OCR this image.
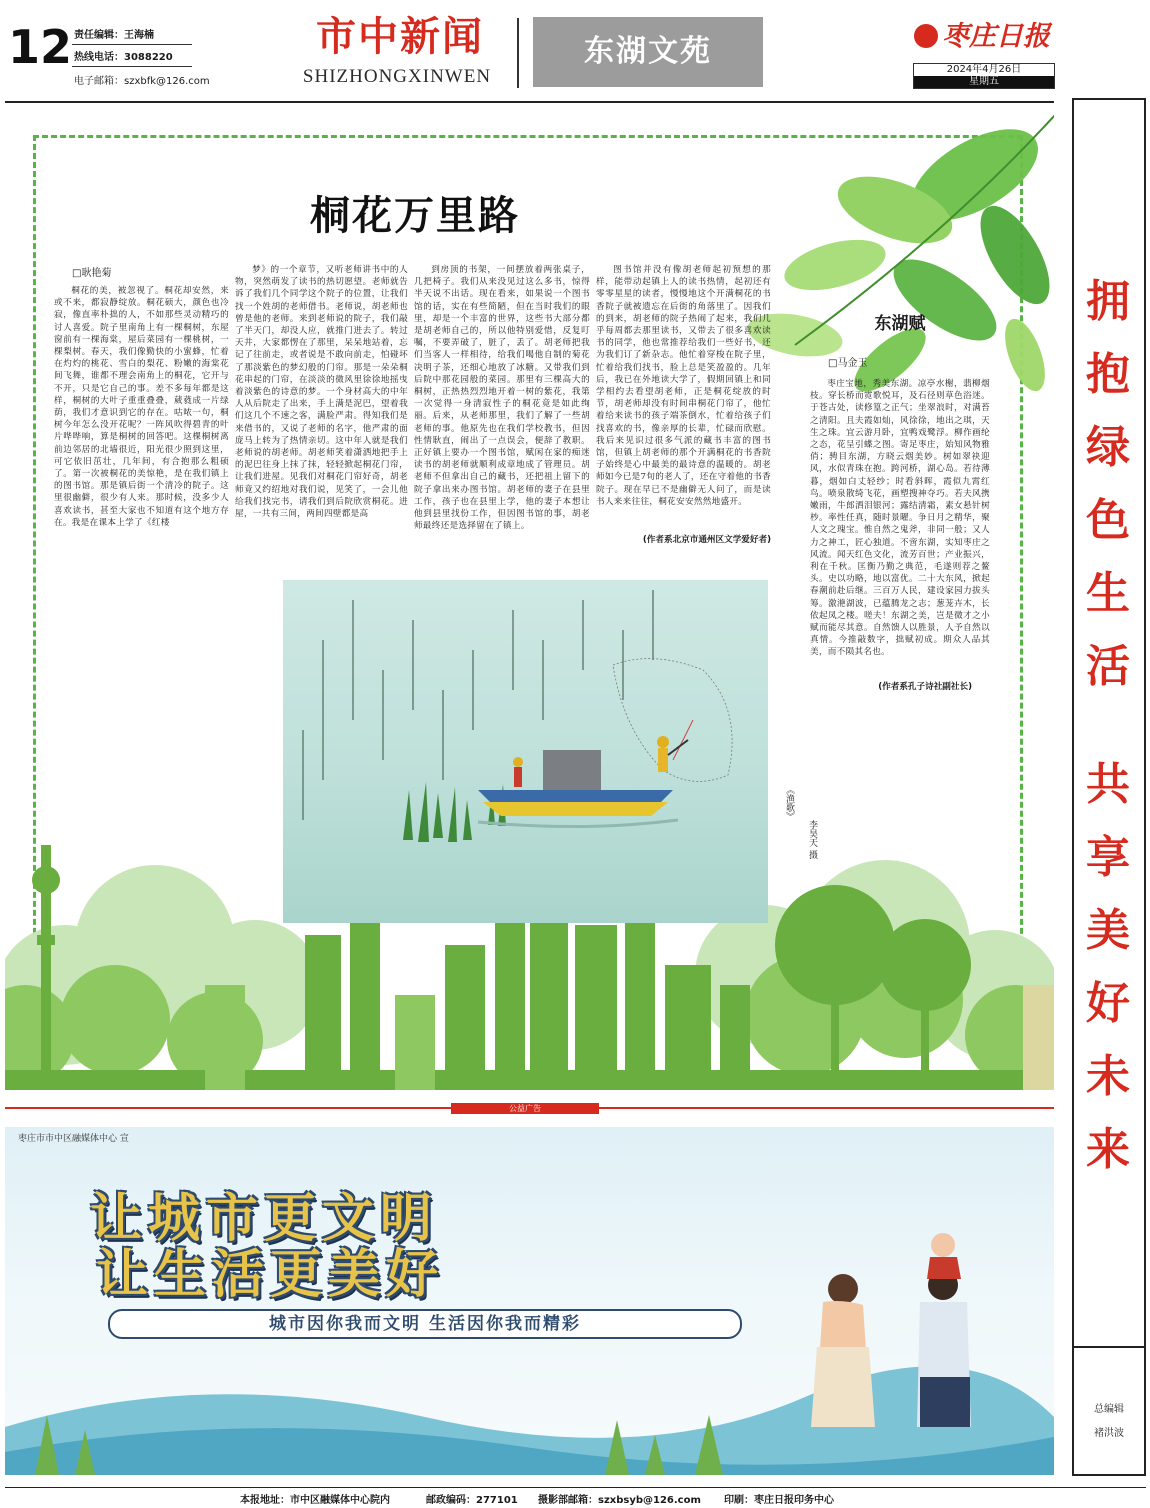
12 责任编辑：王海楠
热线电话：3088220
电子邮箱：szxbfk@126.com
市中新闻
SHIZHONGXINWEN
东湖文苑	枣庄日报
2024年4月26日
星期五
拥
抱
绿
色
生
活
共
享
美
好
未
来
总编辑
褚洪波
桐花万里路
□耿艳菊

桐花的美，被忽视了。桐花却安然，来或不来，都寂静绽放。桐花硕大，颜色也冷寂，像直率朴拙的人，不如那些灵动精巧的讨人喜爱。院子里南角上有一棵桐树，东屋窗前有一棵海棠，屋后菜园有一棵桃树，一棵梨树。春天，我们像勤快的小蜜蜂，忙着在灼灼的桃花、雪白的梨花、粉嫩的海棠花间飞舞，谁都不理会南角上的桐花，它开与不开，只是它自己的事。差不多每年都是这样，桐树的大叶子重重叠叠，葳蕤成一片绿荫，我们才意识到它的存在。咕哝一句，桐树今年怎么没开花呢？一阵风吹得碧青的叶片哗哗响，算是桐树的回答吧。这棵桐树离前边邻居的北墙很近，阳光很少照到这里，可它依旧茁壮，几年间，有合抱那么粗硕了。第一次被桐花的美惊艳，是在我们镇上的图书馆。那是镇后街一个清冷的院子。这里很幽僻，很少有人来。那时候，没多少人喜欢读书，甚至大家也不知道有这个地方存在。我是在课本上学了《红楼

梦》的一个章节，又听老师讲书中的人物，突然萌发了读书的热切愿望。老师就告诉了我们几个同学这个院子的位置，让我们找一个姓胡的老师借书。老师说，胡老师也曾是他的老师。来到老师说的院子，我们敲了半天门，却没人应，就推门进去了。转过天井，大家都愣在了那里，呆呆地站着，忘记了往前走，或者说是不敢向前走，怕碰坏了那淡紫色的梦幻般的门帘。那是一朵朵桐花串起的门帘，在淡淡的微风里徐徐地摇曳着淡紫色的诗意的梦。一个身材高大的中年人从后院走了出来，手上满是泥巴，望着我们这几个不速之客，满脸严肃。得知我们是来借书的，又说了老师的名字，他严肃的面庞马上转为了热情亲切。这中年人就是我们老师说的胡老师。胡老师笑着潇洒地把手上的泥巴往身上抹了抹，轻轻掀起桐花门帘，让我们进屋。见我们对桐花门帘好奇，胡老师竟又约绍地对我们说，见笑了，一会儿他给我们找完书，请我们到后院欣赏桐花。进屋，一共有三间，两间四壁都是高

到房顶的书架，一间摆放着两张桌子，几把椅子。我们从来没见过这么多书，惊得半天说不出话。现在看来，如果说一个图书馆的话，实在有些简陋，但在当时我们的眼里，却是一个丰富的世界，这些书大部分都是胡老师自己的，所以他特别爱惜，反复叮嘱，不要弄破了，脏了，丢了。胡老师把我们当客人一样相待，给我们喝他自制的菊花决明子茶，还细心地放了冰糖。又带我们到后院中那花园般的菜园。那里有三棵高大的桐树，正热热烈烈地开着一树的紫花，我第一次觉得一身清寂性子的桐花竟是如此绚丽。后来，从老师那里，我们了解了一些胡老师的事。他原先也在我们学校教书，但因性情耿直，闹出了一点误会，便辞了教职。正好镇上要办一个图书馆，赋闲在家的痴迷读书的胡老师就顺利成章地成了管理员。胡老师不但拿出自己的藏书，还把祖上留下的院子拿出来办图书馆。胡老师的妻子在县里工作，孩子也在县里上学，他的妻子本想让他到县里找份工作，但因图书馆的事，胡老师最终还是选择留在了镇上。

图书馆并没有像胡老师起初预想的那样，能带动起镇上人的读书热情，起初还有零零星星的读者，慢慢地这个开满桐花的书香院子就被遗忘在后街的角落里了。因我们的到来，胡老师的院子热闹了起来，我们几乎每周都去那里读书，又带去了很多喜欢读书的同学，他也常推荐给我们一些好书，还为我们订了新杂志。他忙着穿梭在院子里，忙着给我们找书，脸上总是笑盈盈的。几年后，我已在外地读大学了，假期回镇上和同学相约去看望胡老师，正是桐花绽放的时节，胡老师却没有时间串桐花门帘了，他忙着给来读书的孩子端茶倒水，忙着给孩子们找喜欢的书，像亲厚的长辈，忙碌而欣慰。我后来见识过很多气派的藏书丰富的图书馆，但镇上胡老师的那个开满桐花的书香院子始终是心中最美的最诗意的温暖的。胡老师如今已是7旬的老人了，还在守着他的书香院子。现在早已不是幽僻无人问了，而是读书人来来往往，桐花安安然然地盛开。

(作者系北京市通州区文学爱好者)
东湖赋
□马金玉

枣庄宝地，秀美东湖。凉亭水榭，翡柳烟枝。穿长桥而霓歌悦耳，及石径则草色浴迷。于苍古处，读修篁之正气；坐翠浪时，对满苔之清阳。且夫霞如灿，风徐徐，地出之琪，天生之珠。宜云游月卧，宜鸭戏鹭浮。柳作画纶之态，花呈引蝶之图。寄足枣庄，始知风物雅俏；骋目东湖，方晓云烟美妙。树如翠袂迎风，水似青珠在抱。跨河桥，湖心岛。若待薄暮，烟如白丈轻纱；时看斜晖，霞似九霄红鸟。喷泉散绮飞花，画塑搜神夺巧。若夫风携嫩雨，牛郎洒泪银河；露结清霜，素女悬针树杪。率性任真，随时景曜。争日月之精华，聚人文之瑰宝。惟自然之鬼斧，非同一般；又人力之神工，匠心独道。不啻东湖，实知枣庄之风流。闻天红色文化，流芳百世；产业振兴，利在千秋。匡衡乃勤之典范，毛遂则荐之鳌头。史以功略，地以富优。二十大东风，掀起春潮前赴后继。三百万人民，建设家园力拔头筹。激滟湖波，已蕴腾龙之志；葱茏卉木，长依起凤之楼。嗟夫！东湖之美，岂是微才之小赋而能尽其意。自然馈人以胜景，人予自然以真情。今推敲数字，拙赋初成。期众人品其美，而不陨其名也。

(作者系孔子诗社副社长)
《渔歌》
李昊天 摄
公益广告
枣庄市市中区融媒体中心 宣
让城市更文明
让生活更美好
城市因你我而文明 生活因你我而精彩
本报地址：市中区融媒体中心院内	邮政编码：277101 摄影部邮箱：szxbsyb@126.com 印刷：枣庄日报印务中心
